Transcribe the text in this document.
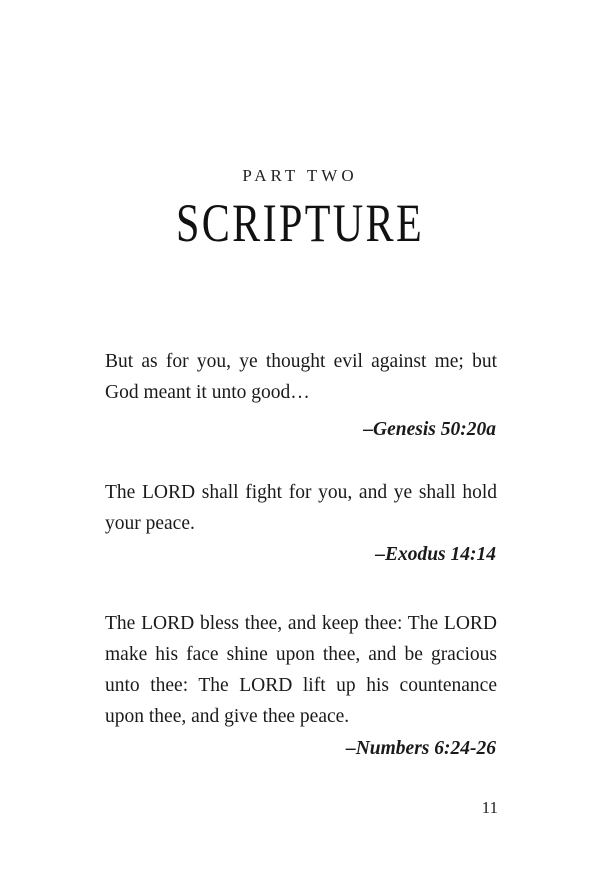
PART TWO
SCRIPTURE
But as for you, ye thought evil against me; but God meant it unto good…
–Genesis 50:20a
The LORD shall fight for you, and ye shall hold your peace.
–Exodus 14:14
The LORD bless thee, and keep thee: The LORD make his face shine upon thee, and be gracious unto thee: The LORD lift up his countenance upon thee, and give thee peace.
–Numbers 6:24-26
11
